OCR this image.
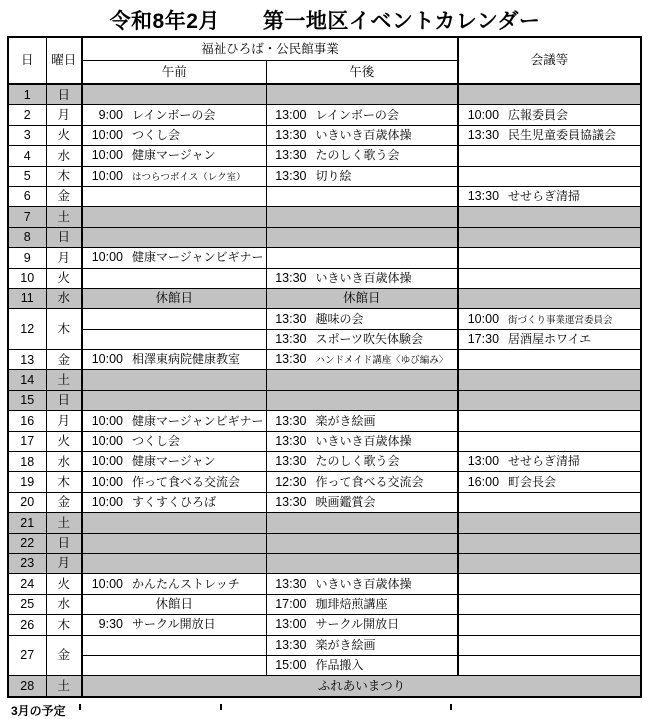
令和8年2月　　第一地区イベントカレンダー
日	曜日	福祉ひろば・公民館事業		会議等
		午前	午後	
1	日			
2	月	9:00 レインボーの会	13:00 レインボーの会	10:00 広報委員会
3	火	10:00 つくし会	13:30 いきいき百歳体操	13:30 民生児童委員協議会
4	水	10:00 健康マージャン	13:30 たのしく歌う会	
5	木	10:00 はつらつボイス（レク室）	13:30 切り絵	
6	金			13:30 せせらぎ清掃
7	土			
8	日			
9	月	10:00 健康マージャンビギナー		
10	火		13:30 いきいき百歳体操	
11	水	休館日	休館日	
12	木		13:30 趣味の会	10:00 街づくり事業運営委員会
			13:30 スポーツ吹矢体験会	17:30 居酒屋ホワイエ
13	金	10:00 相澤東病院健康教室	13:30 ハンドメイド講座〈ゆび編み〉	
14	土			
15	日			
16	月	10:00 健康マージャンビギナー	13:30 楽がき絵画	
17	火	10:00 つくし会	13:30 いきいき百歳体操	
18	水	10:00 健康マージャン	13:30 たのしく歌う会	13:00 せせらぎ清掃
19	木	10:00 作って食べる交流会	12:30 作って食べる交流会	16:00 町会長会
20	金	10:00 すくすくひろば	13:30 映画鑑賞会	
21	土			
22	日			
23	月			
24	火	10:00 かんたんストレッチ	13:30 いきいき百歳体操	
25	水	休館日	17:00 珈琲焙煎講座	
26	木	9:30 サークル開放日	13:00 サークル開放日	
27	金		13:30 楽がき絵画	
			15:00 作品搬入	
28	土	ふれあいまつり		
3月の予定
